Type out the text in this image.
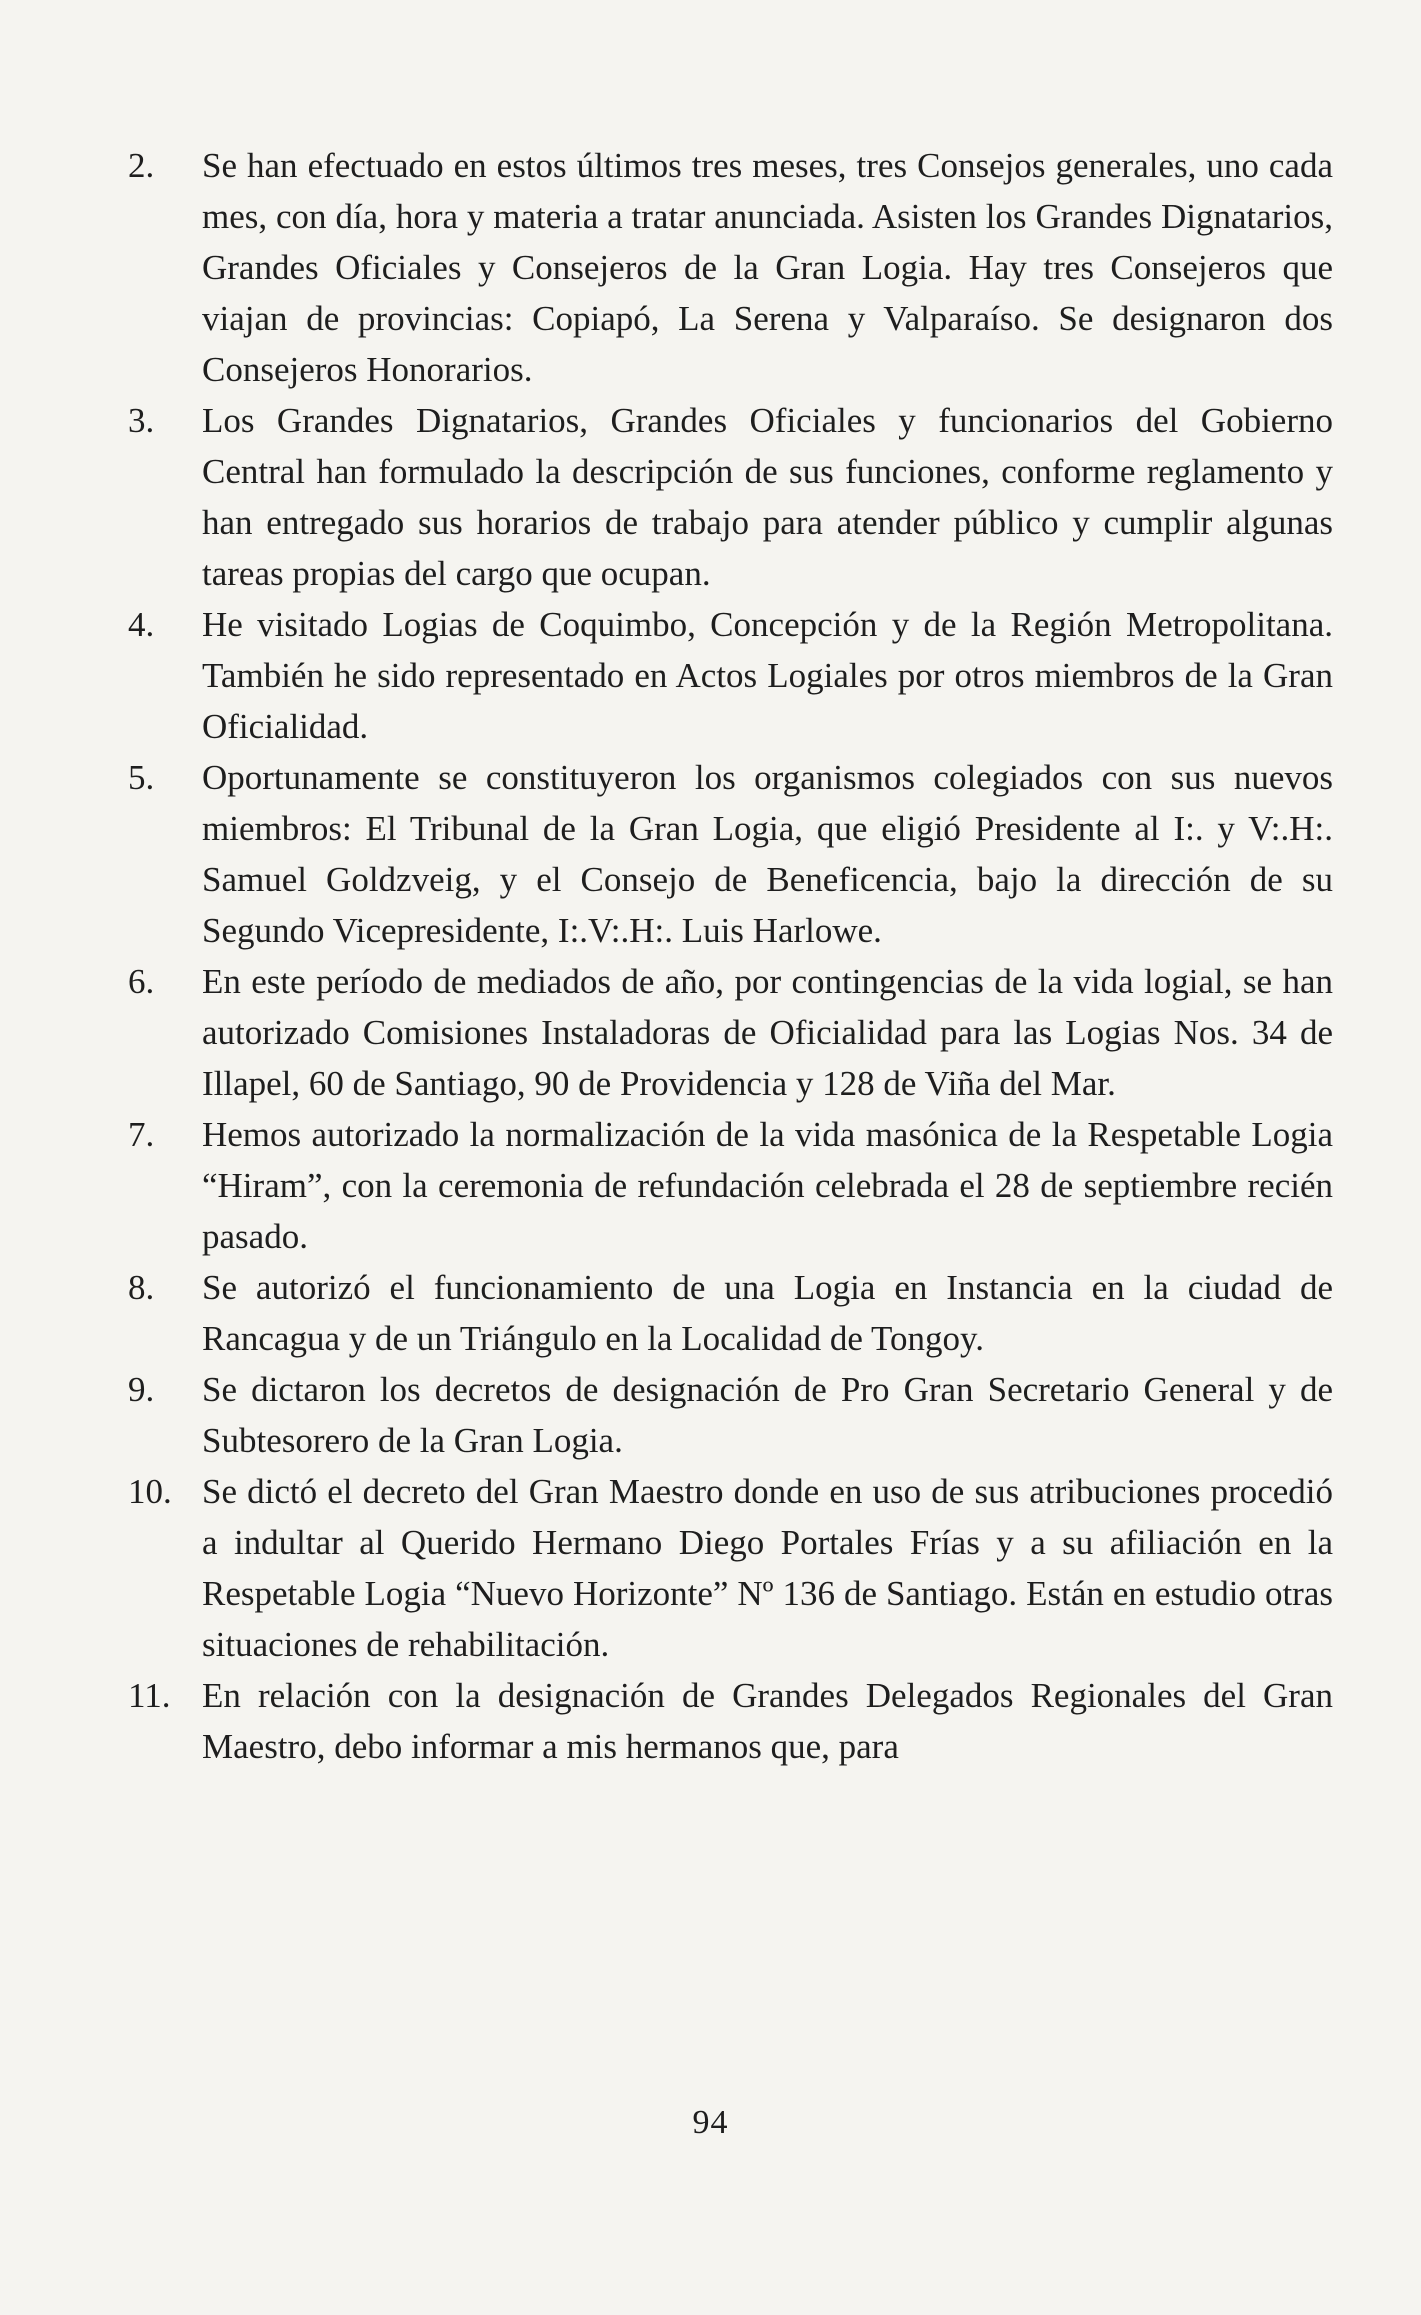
2.	Se han efectuado en estos últimos tres meses, tres Consejos generales, uno cada mes, con día, hora y materia a tratar anunciada. Asisten los Grandes Dignatarios, Grandes Oficiales y Consejeros de la Gran Logia. Hay tres Consejeros que viajan de provincias: Copiapó, La Serena y Valparaíso. Se designaron dos Consejeros Honorarios.
3.	Los Grandes Dignatarios, Grandes Oficiales y funcionarios del Gobierno Central han formulado la descripción de sus funciones, conforme reglamento y han entregado sus horarios de trabajo para atender público y cumplir algunas tareas propias del cargo que ocupan.
4.	He visitado Logias de Coquimbo, Concepción y de la Región Metropolitana. También he sido representado en Actos Logiales por otros miembros de la Gran Oficialidad.
5.	Oportunamente se constituyeron los organismos colegiados con sus nuevos miembros: El Tribunal de la Gran Logia, que eligió Presidente al I:. y V:.H:. Samuel Goldzveig, y el Consejo de Beneficencia, bajo la dirección de su Segundo Vicepresidente, I:.V:.H:. Luis Harlowe.
6.	En este período de mediados de año, por contingencias de la vida logial, se han autorizado Comisiones Instaladoras de Oficialidad para las Logias Nos. 34 de Illapel, 60 de Santiago, 90 de Providencia y 128 de Viña del Mar.
7.	Hemos autorizado la normalización de la vida masónica de la Respetable Logia “Hiram”, con la ceremonia de refundación celebrada el 28 de septiembre recién pasado.
8.	Se autorizó el funcionamiento de una Logia en Instancia en la ciudad de Rancagua y de un Triángulo en la Localidad de Tongoy.
9.	Se dictaron los decretos de designación de Pro Gran Secretario General y de Subtesorero de la Gran Logia.
10. Se dictó el decreto del Gran Maestro donde en uso de sus atribuciones procedió a indultar al Querido Hermano Diego Portales Frías y a su afiliación en la Respetable Logia “Nuevo Horizonte” Nº 136 de Santiago. Están en estudio otras situaciones de rehabilitación.
11. En relación con la designación de Grandes Delegados Regionales del Gran Maestro, debo informar a mis hermanos que, para
94
